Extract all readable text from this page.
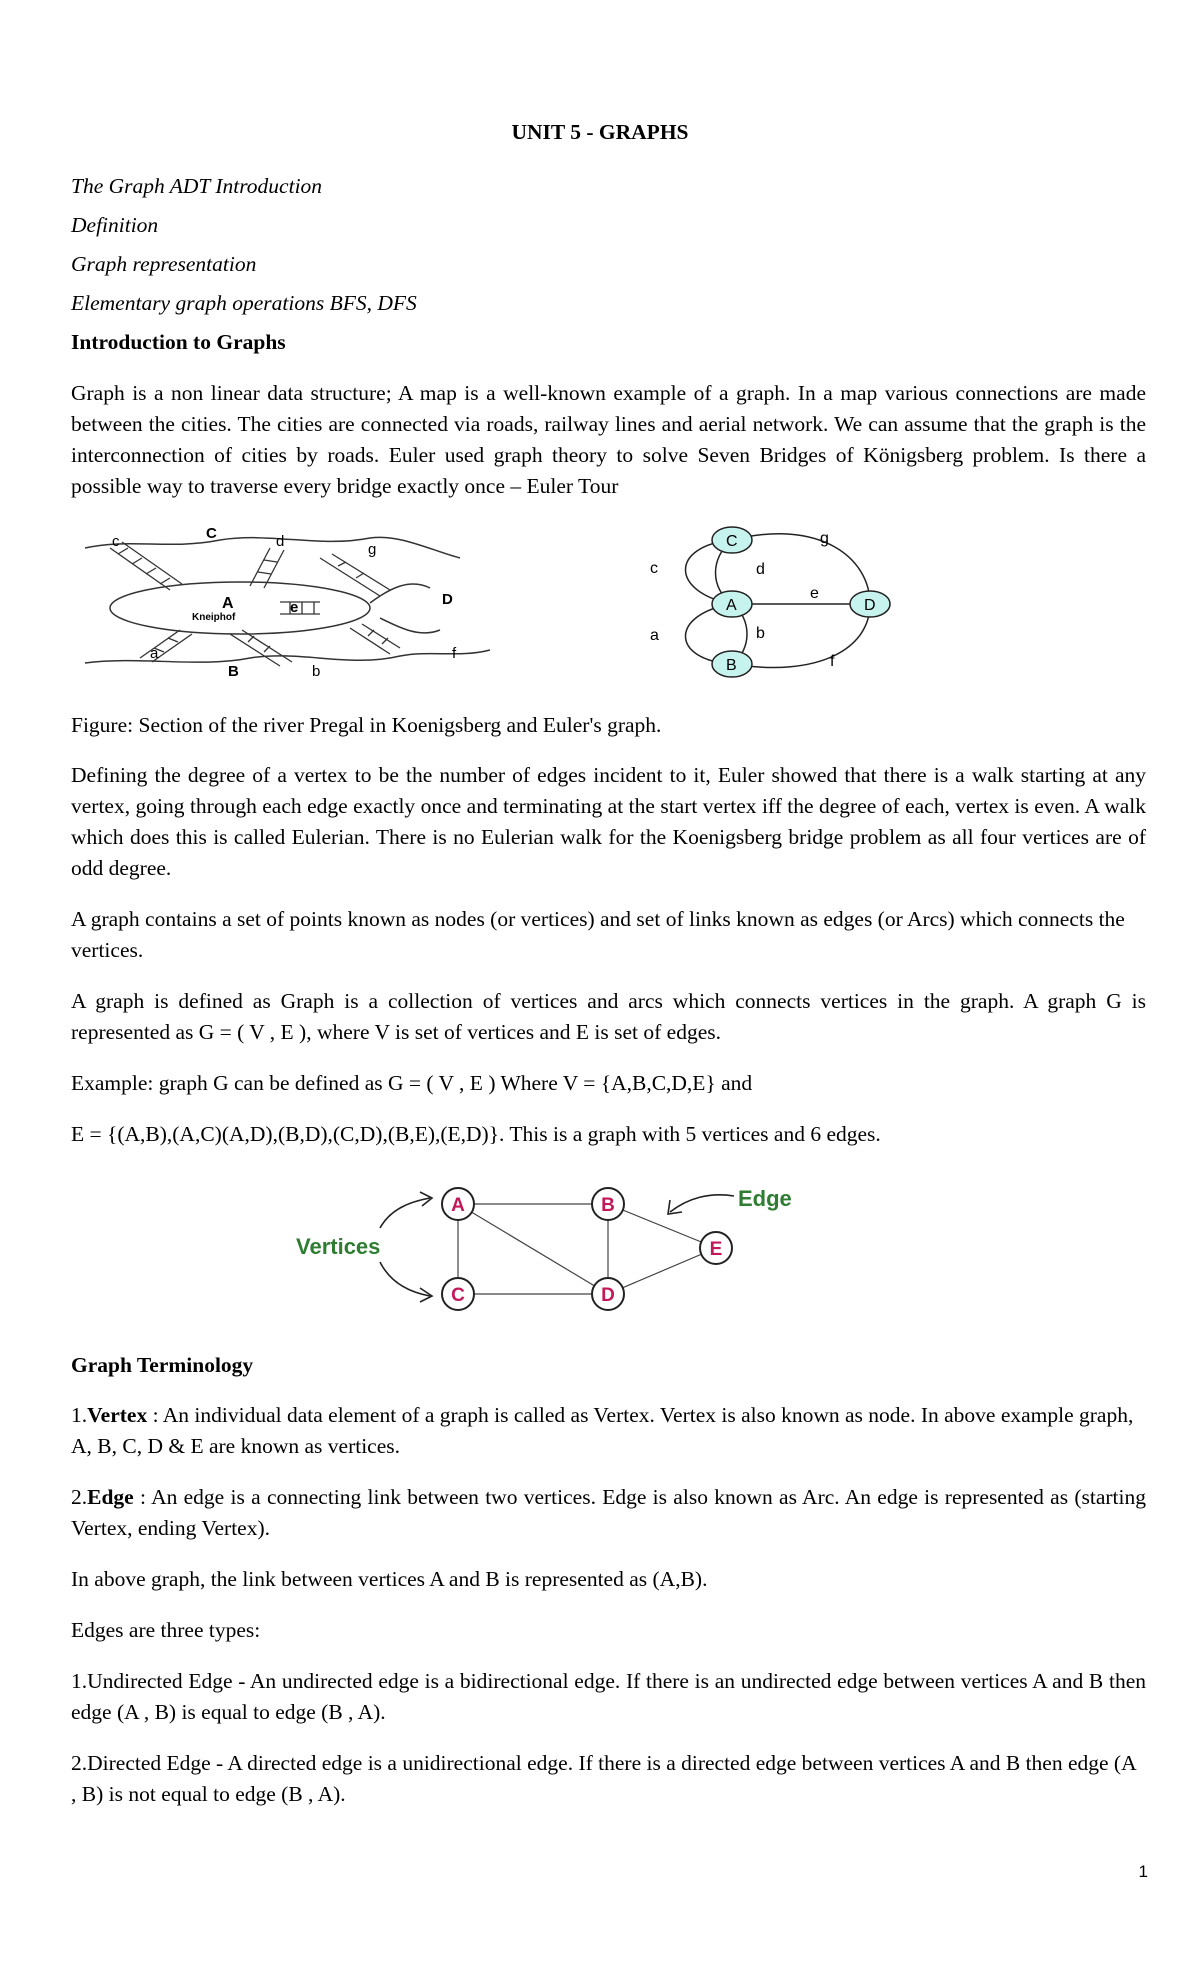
UNIT 5 - GRAPHS
The Graph ADT Introduction
Definition
Graph representation
Elementary graph operations BFS, DFS
Introduction to Graphs
Graph is a non linear data structure; A map is a well-known example of a graph. In a map various connections are made between the cities. The cities are connected via roads, railway lines and aerial network. We can assume that the graph is the interconnection of cities by roads. Euler used graph theory to solve Seven Bridges of Königsberg problem. Is there a possible way to traverse every bridge exactly once – Euler Tour
A
Kneiphof
B
C
D
a
b
c	d
e
f
g	C
A
B
D
c	d
g
e
a	b
f
Figure: Section of the river Pregal in Koenigsberg and Euler's graph.
Defining the degree of a vertex to be the number of edges incident to it, Euler showed that there is a walk starting at any vertex, going through each edge exactly once and terminating at the start vertex iff the degree of each, vertex is even. A walk which does this is called Eulerian. There is no Eulerian walk for the Koenigsberg bridge problem as all four vertices are of odd degree.
A graph contains a set of points known as nodes (or vertices) and set of links known as edges (or Arcs) which connects the vertices.
A graph is defined as Graph is a collection of vertices and arcs which connects vertices in the graph. A graph G is represented as G = ( V , E ), where V is set of vertices and E is set of edges.
Example: graph G can be defined as G = ( V , E ) Where V = {A,B,C,D,E} and
E = {(A,B),(A,C)(A,D),(B,D),(C,D),(B,E),(E,D)}. This is a graph with 5 vertices and 6 edges.
A	B
C	D
E
Vertices
Edge
Graph Terminology
1.Vertex : An individual data element of a graph is called as Vertex. Vertex is also known as node. In above example graph, A, B, C, D & E are known as vertices.
2.Edge : An edge is a connecting link between two vertices. Edge is also known as Arc. An edge is represented as (starting Vertex, ending Vertex).
In above graph, the link between vertices A and B is represented as (A,B).
Edges are three types:
1.Undirected Edge - An undirected edge is a bidirectional edge. If there is an undirected edge between vertices A and B then edge (A , B) is equal to edge (B , A).
2.Directed Edge - A directed edge is a unidirectional edge. If there is a directed edge between vertices A and B then edge (A , B) is not equal to edge (B , A).
1
